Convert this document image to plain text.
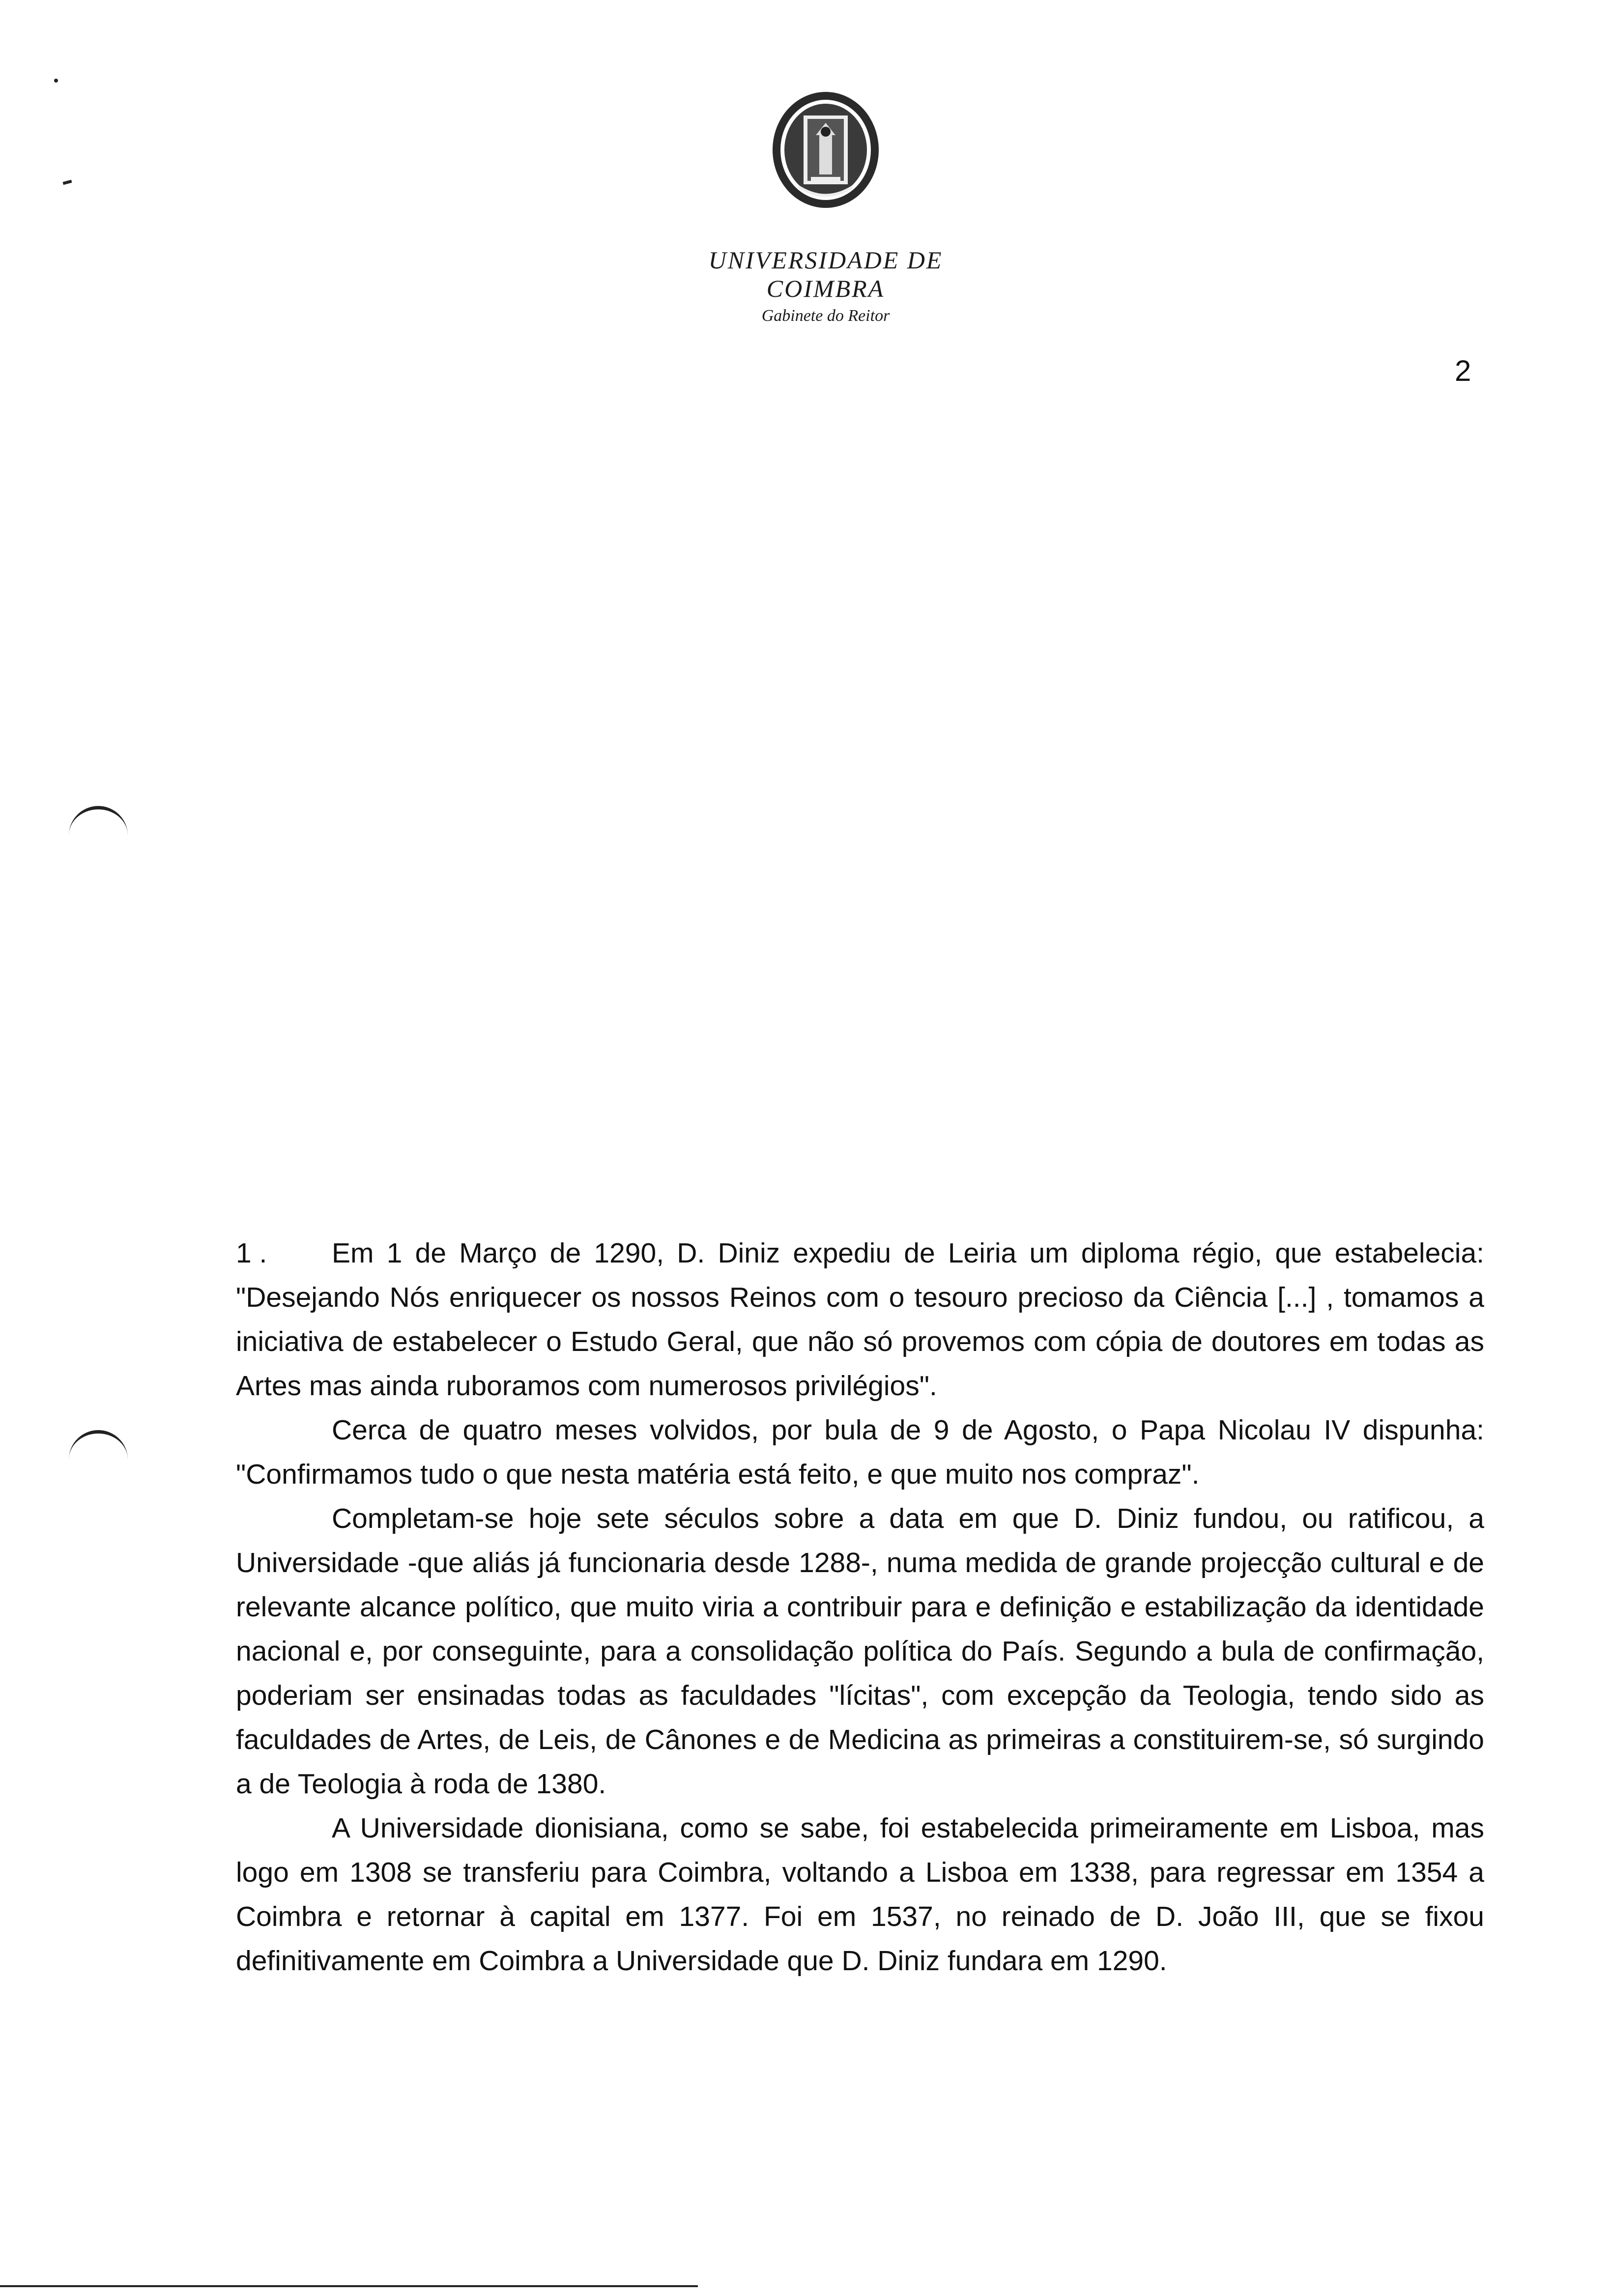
UNIVERSIDADE DE COIMBRA
Gabinete do Reitor
2

1 . Em 1 de Março de 1290, D. Diniz expediu de Leiria um diploma régio, que estabelecia: "Desejando Nós enriquecer os nossos Reinos com o tesouro precioso da Ciência [...] , tomamos a iniciativa de estabelecer o Estudo Geral, que não só provemos com cópia de doutores em todas as Artes mas ainda ruboramos com numerosos privilégios".

Cerca de quatro meses volvidos, por bula de 9 de Agosto, o Papa Nicolau IV dispunha: "Confirmamos tudo o que nesta matéria está feito, e que muito nos compraz".

Completam-se hoje sete séculos sobre a data em que D. Diniz fundou, ou ratificou, a Universidade -que aliás já funcionaria desde 1288-, numa medida de grande projecção cultural e de relevante alcance político, que muito viria a contribuir para e definição e estabilização da identidade nacional e, por conseguinte, para a consolidação política do País. Segundo a bula de confirmação, poderiam ser ensinadas todas as faculdades "lícitas", com excepção da Teologia, tendo sido as faculdades de Artes, de Leis, de Cânones e de Medicina as primeiras a constituirem-se, só surgindo a de Teologia à roda de 1380.

A Universidade dionisiana, como se sabe, foi estabelecida primeiramente em Lisboa, mas logo em 1308 se transferiu para Coimbra, voltando a Lisboa em 1338, para regressar em 1354 a Coimbra e retornar à capital em 1377. Foi em 1537, no reinado de D. João III, que se fixou definitivamente em Coimbra a Universidade que D. Diniz fundara em 1290.
